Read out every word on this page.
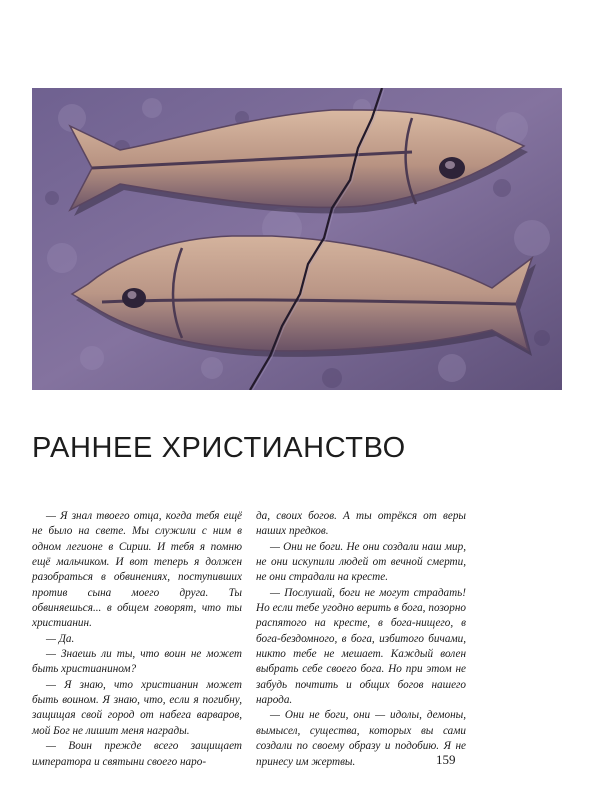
РАННЕЕ ХРИСТИАНСТВО

— Я знал твоего отца, когда тебя ещё не было на свете. Мы служили с ним в одном легионе в Сирии. И тебя я помню ещё мальчиком. И вот теперь я должен разобраться в обвинениях, поступивших против сына моего друга. Ты обвиняешься... в общем говорят, что ты христианин.

— Да.

— Знаешь ли ты, что воин не может быть христианином?

— Я знаю, что христианин может быть воином. Я знаю, что, если я погибну, защищая свой город от набега варваров, мой Бог не лишит меня награды.

— Воин прежде всего защищает императора и святыни своего наро-

да, своих богов. А ты отрёкся от веры наших предков.

— Они не боги. Не они создали наш мир, не они искупили людей от вечной смерти, не они страдали на кресте.

— Послушай, боги не могут страдать! Но если тебе угодно верить в бога, позорно распятого на кресте, в бога-нищего, в бога-бездомного, в бога, избитого бичами, никто тебе не мешает. Каждый волен выбрать себе своего бога. Но при этом не забудь почтить и общих богов нашего народа.

— Они не боги, они — идолы, демоны, вымысел, существа, которых вы сами создали по своему образу и подобию. Я не принесу им жертвы.	159
